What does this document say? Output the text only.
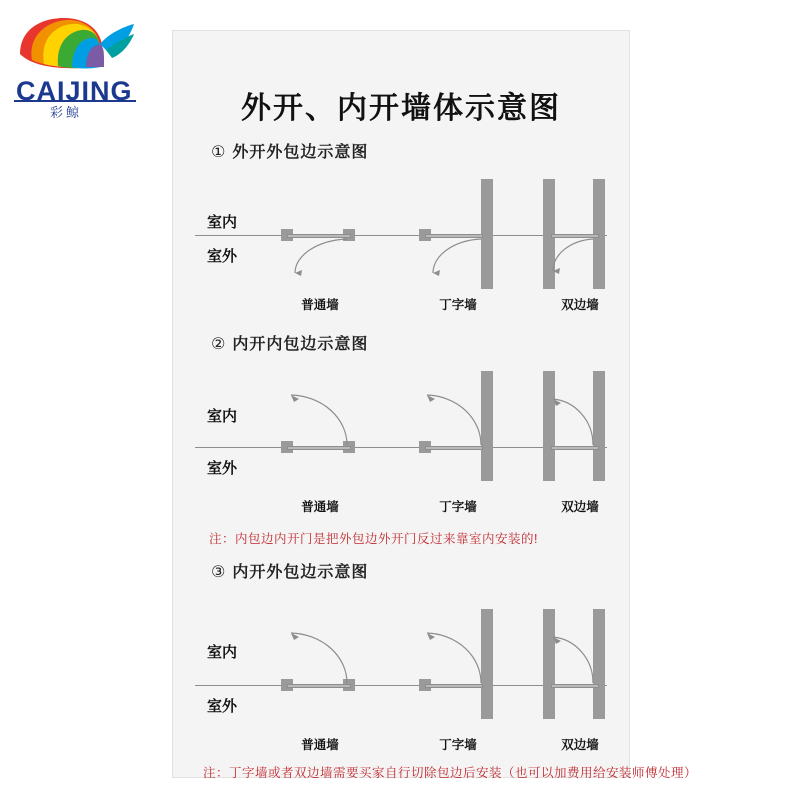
CAIJING
彩鲸	外开、内开墙体示意图
① 外开外包边示意图
室内
室外
普通墙	丁字墙	双边墙
② 内开内包边示意图
室内
室外
普通墙	丁字墙	双边墙
注：内包边内开门是把外包边外开门反过来靠室内安装的!
③ 内开外包边示意图
室内
室外
普通墙	丁字墙	双边墙
注：丁字墙或者双边墙需要买家自行切除包边后安装（也可以加费用给安装师傅处理）
